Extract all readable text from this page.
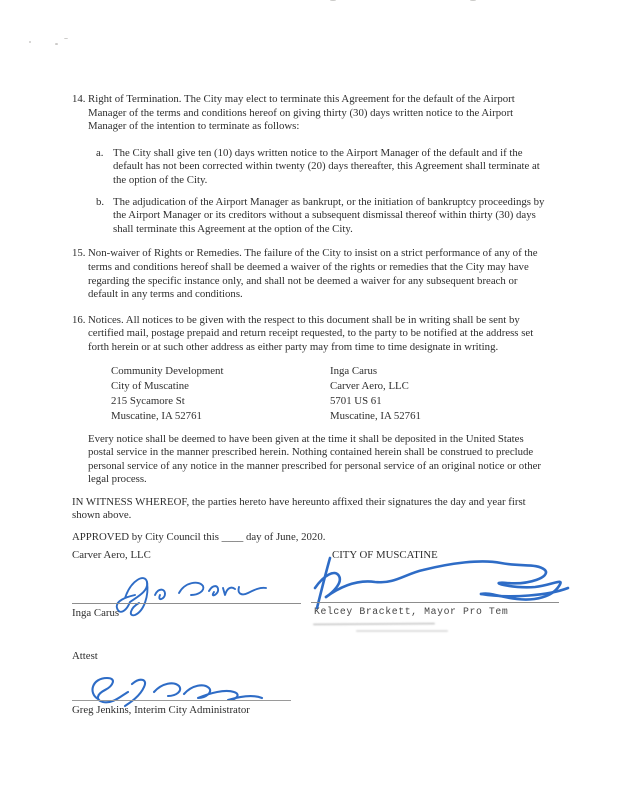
14. Right of Termination. The City may elect to terminate this Agreement for the default of the Airport Manager of the terms and conditions hereof on giving thirty (30) days written notice to the Airport Manager of the intention to terminate as follows:
a. The City shall give ten (10) days written notice to the Airport Manager of the default and if the default has not been corrected within twenty (20) days thereafter, this Agreement shall terminate at the option of the City.
b. The adjudication of the Airport Manager as bankrupt, or the initiation of bankruptcy proceedings by the Airport Manager or its creditors without a subsequent dismissal thereof within thirty (30) days shall terminate this Agreement at the option of the City.
15. Non-waiver of Rights or Remedies. The failure of the City to insist on a strict performance of any of the terms and conditions hereof shall be deemed a waiver of the rights or remedies that the City may have regarding the specific instance only, and shall not be deemed a waiver for any subsequent breach or default in any terms and conditions.
16. Notices. All notices to be given with the respect to this document shall be in writing shall be sent by certified mail, postage prepaid and return receipt requested, to the party to be notified at the address set forth herein or at such other address as either party may from time to time designate in writing.
Community Development
City of Muscatine
215 Sycamore St
Muscatine, IA 52761
Inga Carus
Carver Aero, LLC
5701 US 61
Muscatine, IA 52761
Every notice shall be deemed to have been given at the time it shall be deposited in the United States postal service in the manner prescribed herein. Nothing contained herein shall be construed to preclude personal service of any notice in the manner prescribed for personal service of an original notice or other legal process.
IN WITNESS WHEREOF, the parties hereto have hereunto affixed their signatures the day and year first shown above.
APPROVED by City Council this ____ day of June, 2020.
Carver Aero, LLC	CITY OF MUSCATINE
Inga Carus	Kelcey Brackett, Mayor Pro Tem
Attest
Greg Jenkins, Interim City Administrator
